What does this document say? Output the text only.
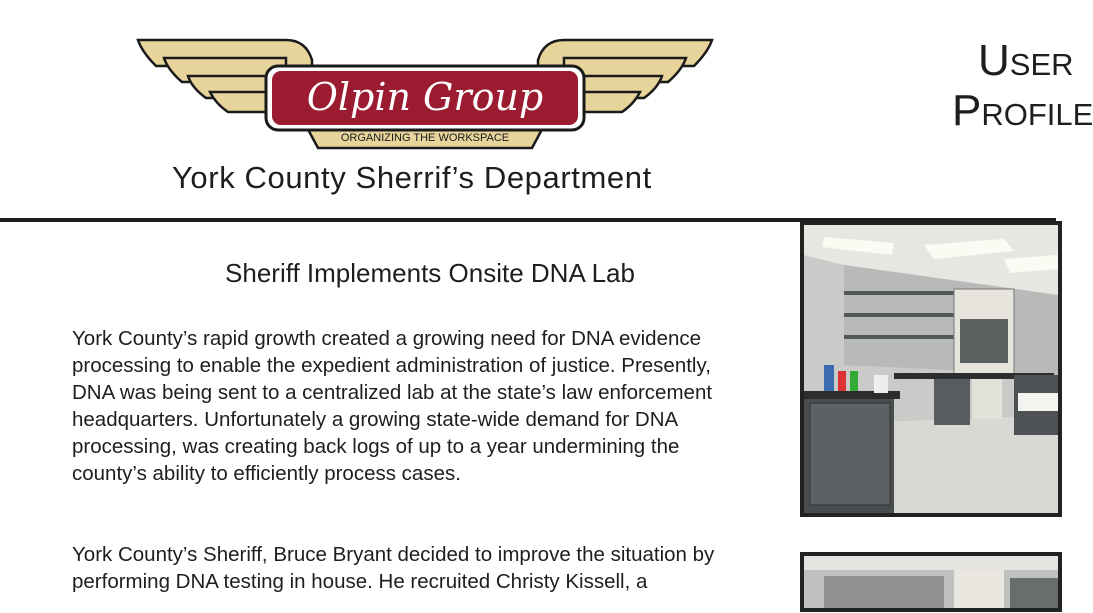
Olpin Group
ORGANIZING THE WORKSPACE
York County Sherrif’s Department
User
Profile
Sheriff Implements Onsite DNA Lab

York County’s rapid growth created a growing need for DNA evidence processing to enable the expedient administration of justice. Presently, DNA was being sent to a centralized lab at the state’s law enforcement headquarters. Unfortunately a growing state-wide demand for DNA processing, was creating back logs of up to a year undermining the county’s ability to efficiently process cases.

York County’s Sheriff, Bruce Bryant decided to improve the situation by performing DNA testing in house. He recruited Christy Kissell, a
